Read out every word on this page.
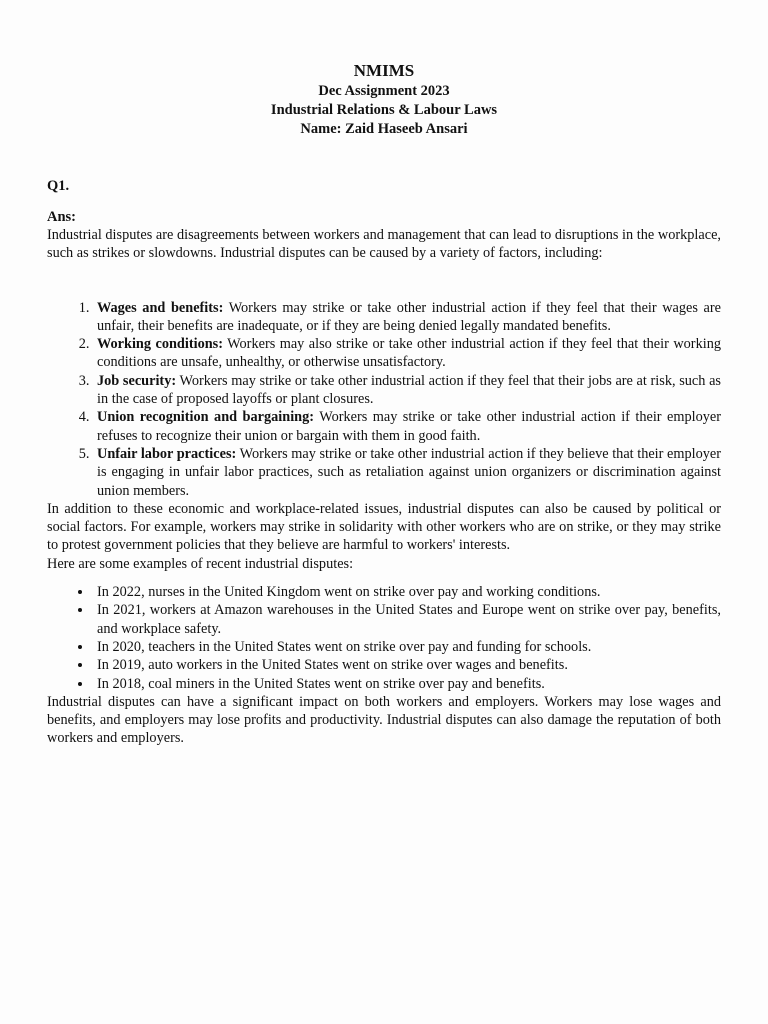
NMIMS
Dec Assignment 2023
Industrial Relations & Labour Laws
Name: Zaid Haseeb Ansari
Q1.
Ans:

Industrial disputes are disagreements between workers and management that can lead to disruptions in the workplace, such as strikes or slowdowns. Industrial disputes can be caused by a variety of factors, including:

1. Wages and benefits: Workers may strike or take other industrial action if they feel that their wages are unfair, their benefits are inadequate, or if they are being denied legally mandated benefits.
2. Working conditions: Workers may also strike or take other industrial action if they feel that their working conditions are unsafe, unhealthy, or otherwise unsatisfactory.
3. Job security: Workers may strike or take other industrial action if they feel that their jobs are at risk, such as in the case of proposed layoffs or plant closures.
4. Union recognition and bargaining: Workers may strike or take other industrial action if their employer refuses to recognize their union or bargain with them in good faith.
5. Unfair labor practices: Workers may strike or take other industrial action if they believe that their employer is engaging in unfair labor practices, such as retaliation against union organizers or discrimination against union members.

In addition to these economic and workplace-related issues, industrial disputes can also be caused by political or social factors. For example, workers may strike in solidarity with other workers who are on strike, or they may strike to protest government policies that they believe are harmful to workers' interests.

Here are some examples of recent industrial disputes:

• In 2022, nurses in the United Kingdom went on strike over pay and working conditions.
• In 2021, workers at Amazon warehouses in the United States and Europe went on strike over pay, benefits, and workplace safety.
• In 2020, teachers in the United States went on strike over pay and funding for schools.
• In 2019, auto workers in the United States went on strike over wages and benefits.
• In 2018, coal miners in the United States went on strike over pay and benefits.

Industrial disputes can have a significant impact on both workers and employers. Workers may lose wages and benefits, and employers may lose profits and productivity. Industrial disputes can also damage the reputation of both workers and employers.
